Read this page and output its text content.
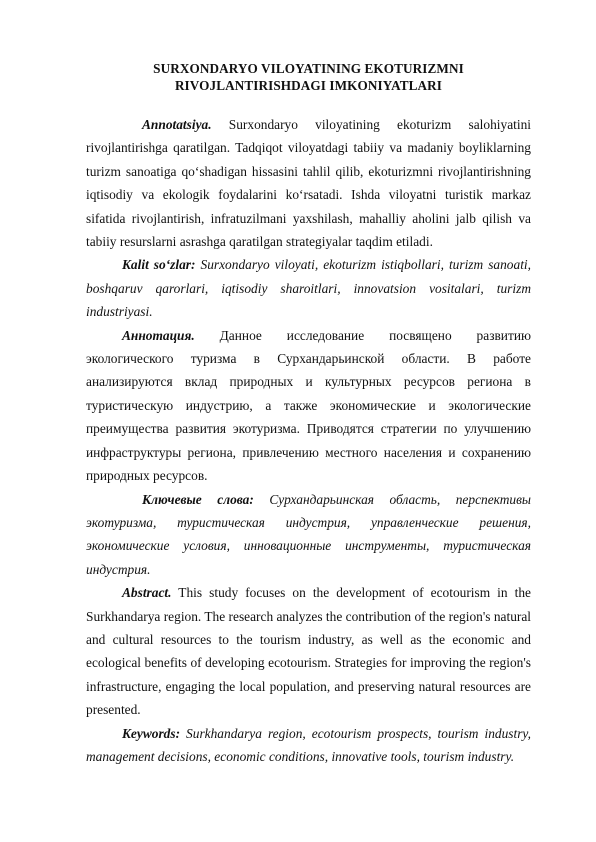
SURXONDARYO VILOYATINING EKOTURIZMNI
RIVOJLANTIRISHDAGI IMKONIYATLARI

Annotatsiya. Surxondaryo viloyatining ekoturizm salohiyatini rivojlantirishga qaratilgan. Tadqiqot viloyatdagi tabiiy va madaniy boyliklarning turizm sanoatiga qo‘shadigan hissasini tahlil qilib, ekoturizmni rivojlantirishning iqtisodiy va ekologik foydalarini ko‘rsatadi. Ishda viloyatni turistik markaz sifatida rivojlantirish, infratuzilmani yaxshilash, mahalliy aholini jalb qilish va tabiiy resurslarni asrashga qaratilgan strategiyalar taqdim etiladi.

Kalit so‘zlar: Surxondaryo viloyati, ekoturizm istiqbollari, turizm sanoati, boshqaruv qarorlari, iqtisodiy sharoitlari, innovatsion vositalari, turizm industriyasi.

Аннотация. Данное исследование посвящено развитию экологического туризма в Сурхандарьинской области. В работе анализируются вклад природных и культурных ресурсов региона в туристическую индустрию, а также экономические и экологические преимущества развития экотуризма. Приводятся стратегии по улучшению инфраструктуры региона, привлечению местного населения и сохранению природных ресурсов.

Ключевые слова: Сурхандарьинская область, перспективы экотуризма, туристическая индустрия, управленческие решения, экономические условия, инновационные инструменты, туристическая индустрия.

Abstract. This study focuses on the development of ecotourism in the Surkhandarya region. The research analyzes the contribution of the region's natural and cultural resources to the tourism industry, as well as the economic and ecological benefits of developing ecotourism. Strategies for improving the region's infrastructure, engaging the local population, and preserving natural resources are presented.

Keywords: Surkhandarya region, ecotourism prospects, tourism industry, management decisions, economic conditions, innovative tools, tourism industry.
